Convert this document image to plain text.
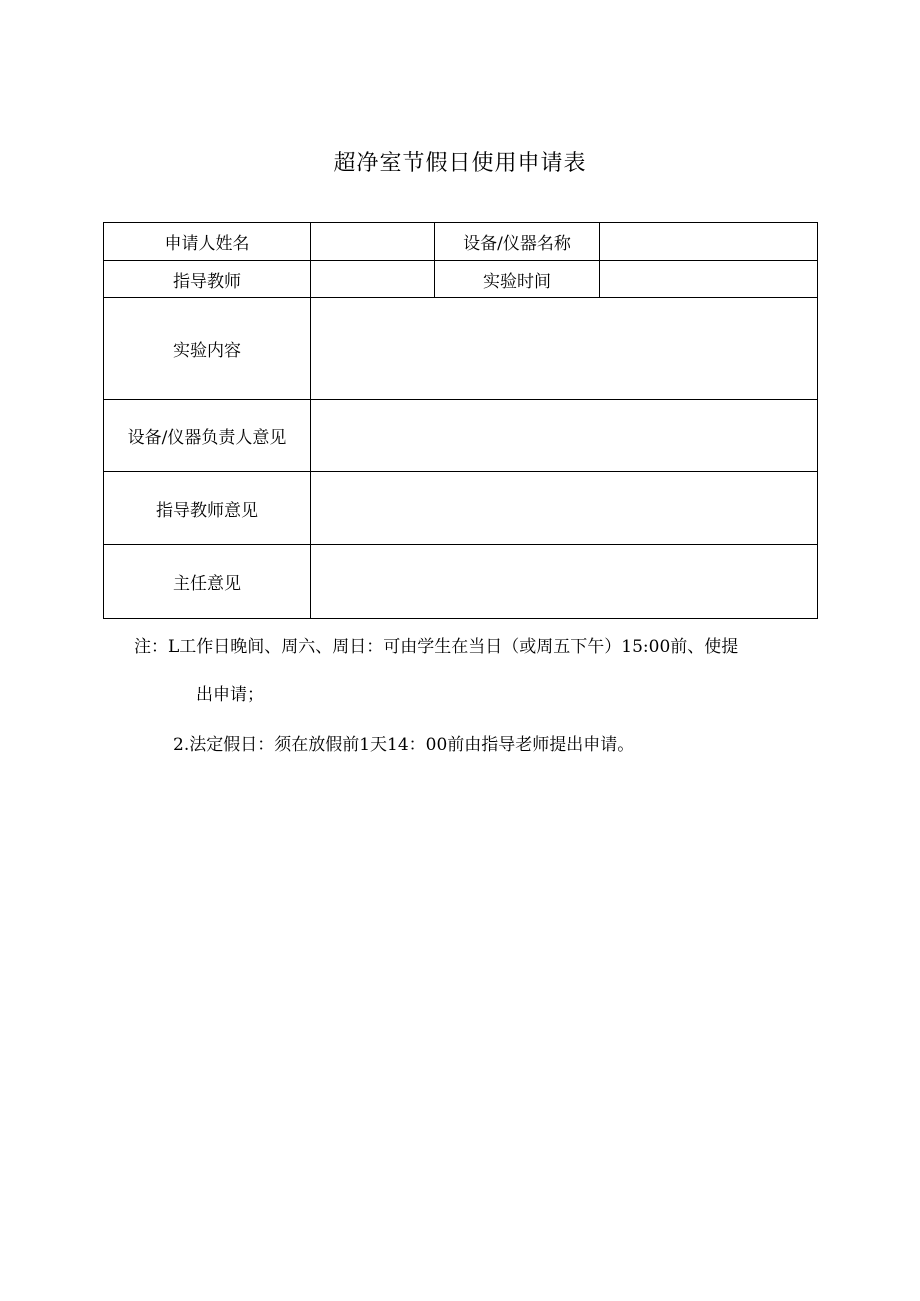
超净室节假日使用申请表
申请人姓名		设备/仪器名称	
指导教师		实验时间	
实验内容			
设备/仪器负责人意见			
指导教师意见			
主任意见			
注：L工作日晚间、周六、周日：可由学生在当日（或周五下午）15:00前、使提
出申请；
2.法定假日：须在放假前1天14：00前由指导老师提出申请。
